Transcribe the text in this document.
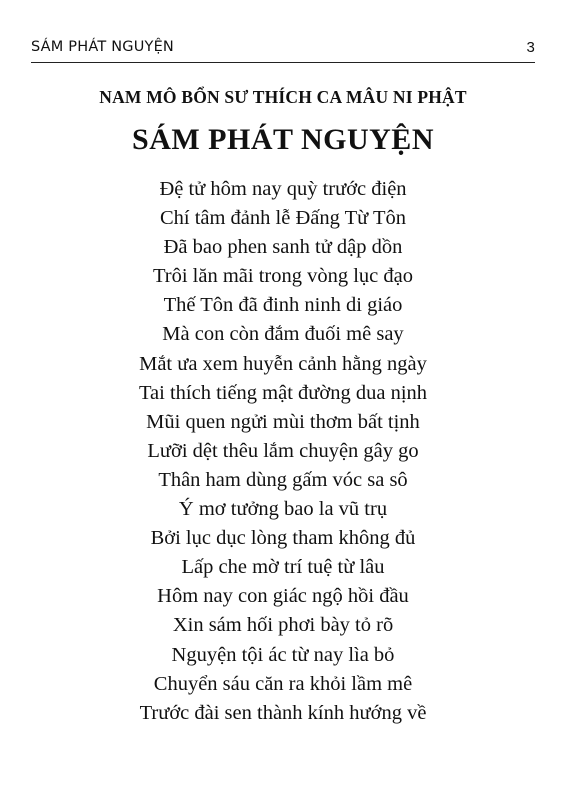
SÁM PHÁT NGUYỆN	3
NAM MÔ BỔN SƯ THÍCH CA MÂU NI PHẬT
SÁM PHÁT NGUYỆN
Đệ tử hôm nay quỳ trước điện
Chí tâm đảnh lễ Đấng Từ Tôn
Đã bao phen sanh tử dập dồn
Trôi lăn mãi trong vòng lục đạo
Thế Tôn đã đinh ninh di giáo
Mà con còn đắm đuối mê say
Mắt ưa xem huyễn cảnh hằng ngày
Tai thích tiếng mật đường dua nịnh
Mũi quen ngửi mùi thơm bất tịnh
Lưỡi dệt thêu lắm chuyện gây go
Thân ham dùng gấm vóc sa sô
Ý mơ tưởng bao la vũ trụ
Bởi lục dục lòng tham không đủ
Lấp che mờ trí tuệ từ lâu
Hôm nay con giác ngộ hồi đầu
Xin sám hối phơi bày tỏ rõ
Nguyện tội ác từ nay lìa bỏ
Chuyển sáu căn ra khỏi lầm mê
Trước đài sen thành kính hướng về
